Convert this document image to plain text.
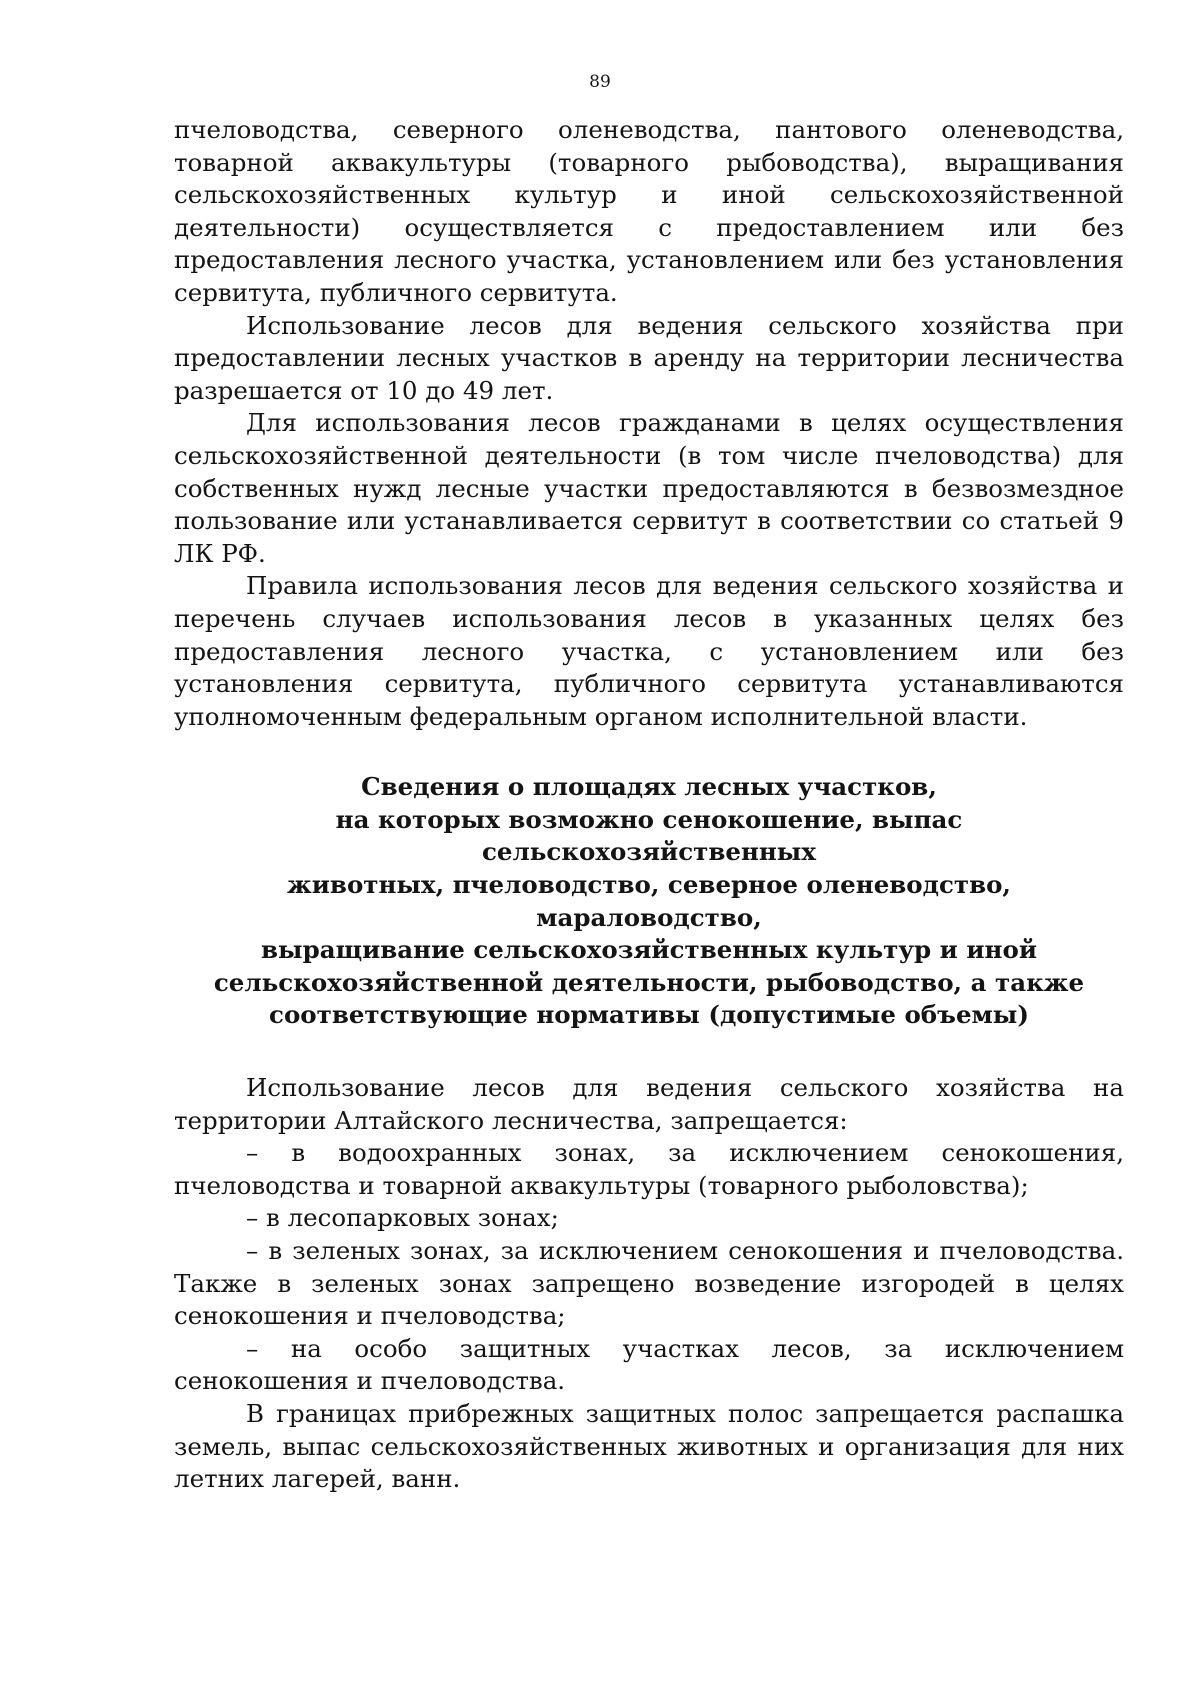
89

пчеловодства, северного оленеводства, пантового оленеводства, товарной аквакультуры (товарного рыбоводства), выращивания сельскохозяйственных культур и иной сельскохозяйственной деятельности) осуществляется с предоставлением или без предоставления лесного участка, установлением или без установления сервитута, публичного сервитута.

Использование лесов для ведения сельского хозяйства при предоставлении лесных участков в аренду на территории лесничества разрешается от 10 до 49 лет.

Для использования лесов гражданами в целях осуществления сельскохозяйственной деятельности (в том числе пчеловодства) для собственных нужд лесные участки предоставляются в безвозмездное пользование или устанавливается сервитут в соответствии со статьей 9 ЛК РФ.

Правила использования лесов для ведения сельского хозяйства и перечень случаев использования лесов в указанных целях без предоставления лесного участка, с установлением или без установления сервитута, публичного сервитута устанавливаются уполномоченным федеральным органом исполнительной власти.

Сведения о площадях лесных участков,
на которых возможно сенокошение, выпас сельскохозяйственных
животных, пчеловодство, северное оленеводство, мараловодство,
выращивание сельскохозяйственных культур и иной
сельскохозяйственной деятельности, рыбоводство, а также
соответствующие нормативы (допустимые объемы)

Использование лесов для ведения сельского хозяйства на территории Алтайского лесничества, запрещается:

– в водоохранных зонах, за исключением сенокошения, пчеловодства и товарной аквакультуры (товарного рыболовства);

– в лесопарковых зонах;

– в зеленых зонах, за исключением сенокошения и пчеловодства. Также в зеленых зонах запрещено возведение изгородей в целях сенокошения и пчеловодства;

– на особо защитных участках лесов, за исключением сенокошения и пчеловодства.

В границах прибрежных защитных полос запрещается распашка земель, выпас сельскохозяйственных животных и организация для них летних лагерей, ванн.
